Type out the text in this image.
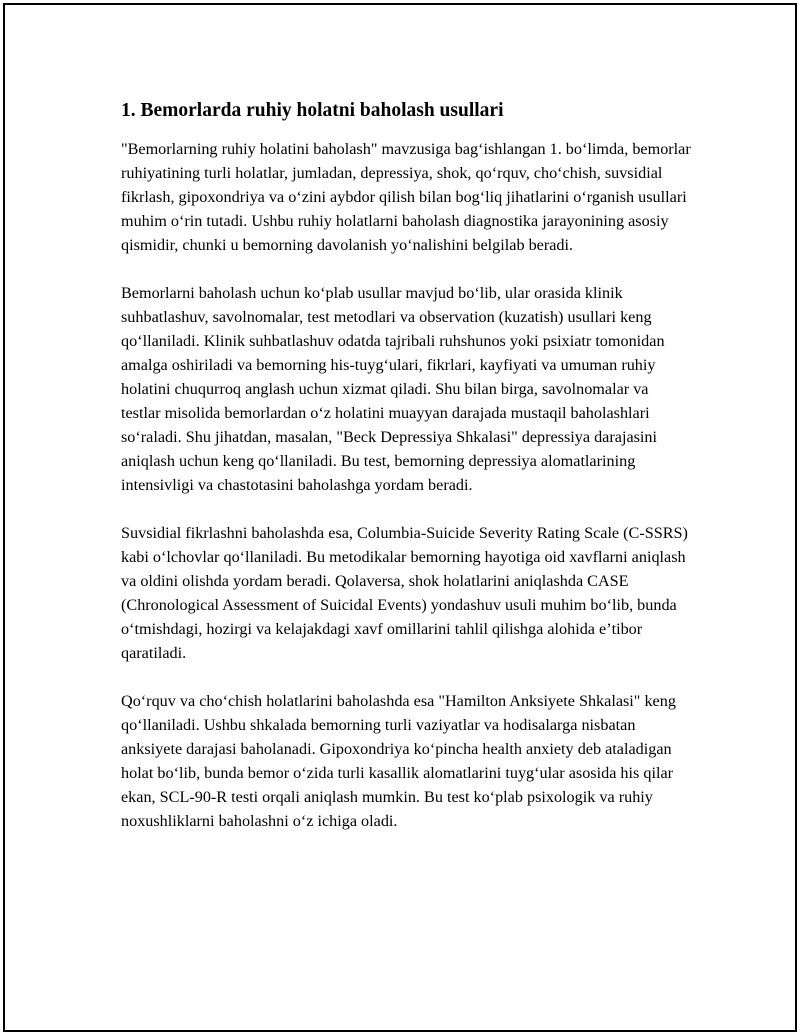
1. Bemorlarda ruhiy holatni baholash usullari

"Bemorlarning ruhiy holatini baholash" mavzusiga bagʻishlangan 1. boʻlimda, bemorlar ruhiyatining turli holatlar, jumladan, depressiya, shok, qoʻrquv, choʻchish, suvsidial fikrlash, gipoxondriya va oʻzini aybdor qilish bilan bogʻliq jihatlarini oʻrganish usullari muhim oʻrin tutadi. Ushbu ruhiy holatlarni baholash diagnostika jarayonining asosiy qismidir, chunki u bemorning davolanish yoʻnalishini belgilab beradi.

Bemorlarni baholash uchun koʻplab usullar mavjud boʻlib, ular orasida klinik suhbatlashuv, savolnomalar, test metodlari va observation (kuzatish) usullari keng qoʻllaniladi. Klinik suhbatlashuv odatda tajribali ruhshunos yoki psixiatr tomonidan amalga oshiriladi va bemorning his-tuygʻulari, fikrlari, kayfiyati va umuman ruhiy holatini chuqurroq anglash uchun xizmat qiladi. Shu bilan birga, savolnomalar va testlar misolida bemorlardan oʻz holatini muayyan darajada mustaqil baholashlari soʻraladi. Shu jihatdan, masalan, "Beck Depressiya Shkalasi" depressiya darajasini aniqlash uchun keng qoʻllaniladi. Bu test, bemorning depressiya alomatlarining intensivligi va chastotasini baholashga yordam beradi.

Suvsidial fikrlashni baholashda esa, Columbia-Suicide Severity Rating Scale (C-SSRS) kabi oʻlchovlar qoʻllaniladi. Bu metodikalar bemorning hayotiga oid xavflarni aniqlash va oldini olishda yordam beradi. Qolaversa, shok holatlarini aniqlashda CASE (Chronological Assessment of Suicidal Events) yondashuv usuli muhim boʻlib, bunda oʻtmishdagi, hozirgi va kelajakdagi xavf omillarini tahlil qilishga alohida eʼtibor qaratiladi.

Qoʻrquv va choʻchish holatlarini baholashda esa "Hamilton Anksiyete Shkalasi" keng qoʻllaniladi. Ushbu shkalada bemorning turli vaziyatlar va hodisalarga nisbatan anksiyete darajasi baholanadi. Gipoxondriya koʻpincha health anxiety deb ataladigan holat boʻlib, bunda bemor oʻzida turli kasallik alomatlarini tuygʻular asosida his qilar ekan, SCL-90-R testi orqali aniqlash mumkin. Bu test koʻplab psixologik va ruhiy noxushliklarni baholashni oʻz ichiga oladi.
